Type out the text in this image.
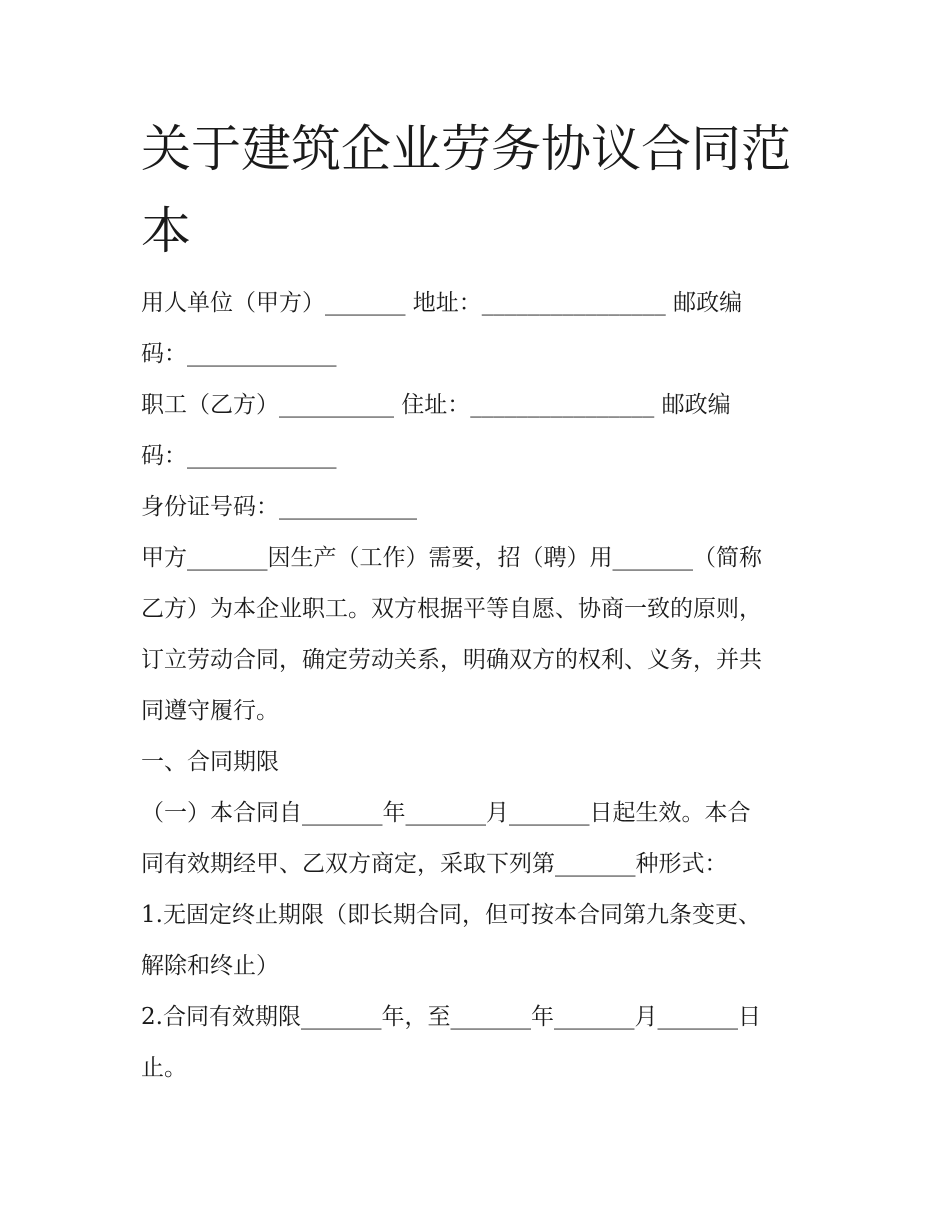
关于建筑企业劳务协议合同范本

用人单位（甲方）_______ 地址：________________ 邮政编

码：_____________

职工（乙方）__________ 住址：________________ 邮政编

码：_____________

身份证号码：____________

甲方_______因生产（工作）需要，招（聘）用_______（简称

乙方）为本企业职工。双方根据平等自愿、协商一致的原则，

订立劳动合同，确定劳动关系，明确双方的权利、义务，并共

同遵守履行。

一、合同期限

（一）本合同自_______年_______月_______日起生效。本合

同有效期经甲、乙双方商定，采取下列第_______种形式：

1.无固定终止期限（即长期合同，但可按本合同第九条变更、

解除和终止）

2.合同有效期限_______年，至_______年_______月_______日

止。
